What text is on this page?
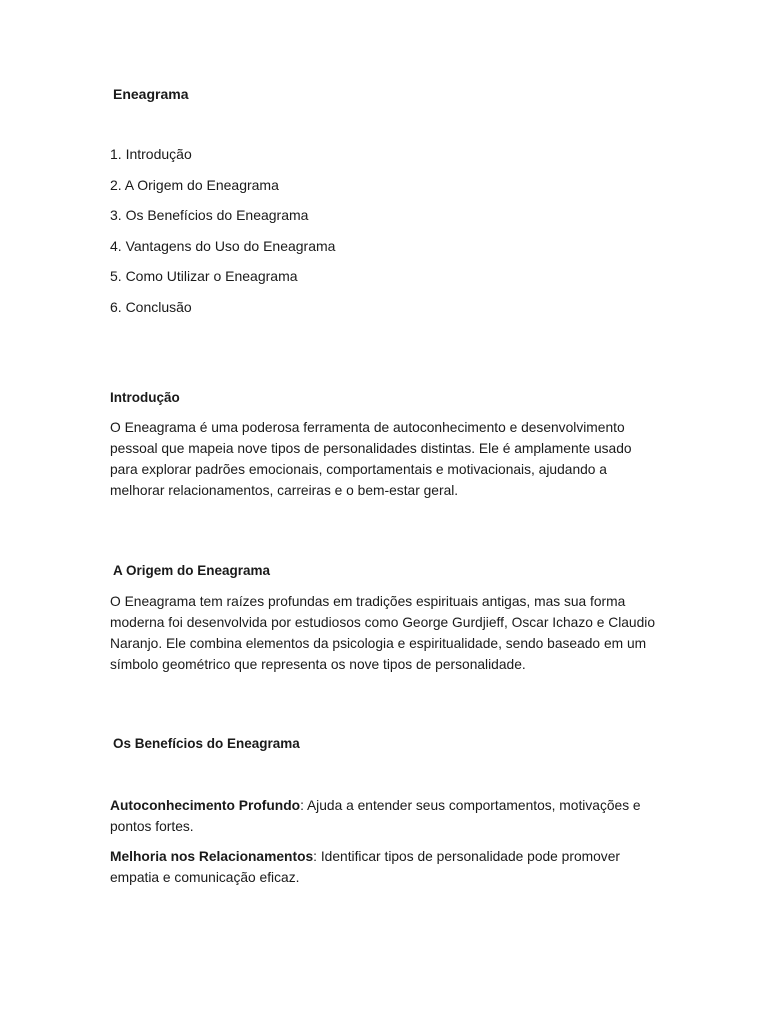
Eneagrama
1. Introdução
2. A Origem do Eneagrama
3. Os Benefícios do Eneagrama
4. Vantagens do Uso do Eneagrama
5. Como Utilizar o Eneagrama
6. Conclusão
Introdução

O Eneagrama é uma poderosa ferramenta de autoconhecimento e desenvolvimento pessoal que mapeia nove tipos de personalidades distintas. Ele é amplamente usado para explorar padrões emocionais, comportamentais e motivacionais, ajudando a melhorar relacionamentos, carreiras e o bem-estar geral.

A Origem do Eneagrama

O Eneagrama tem raízes profundas em tradições espirituais antigas, mas sua forma moderna foi desenvolvida por estudiosos como George Gurdjieff, Oscar Ichazo e Claudio Naranjo. Ele combina elementos da psicologia e espiritualidade, sendo baseado em um símbolo geométrico que representa os nove tipos de personalidade.

Os Benefícios do Eneagrama

Autoconhecimento Profundo: Ajuda a entender seus comportamentos, motivações e pontos fortes.

Melhoria nos Relacionamentos: Identificar tipos de personalidade pode promover empatia e comunicação eficaz.
